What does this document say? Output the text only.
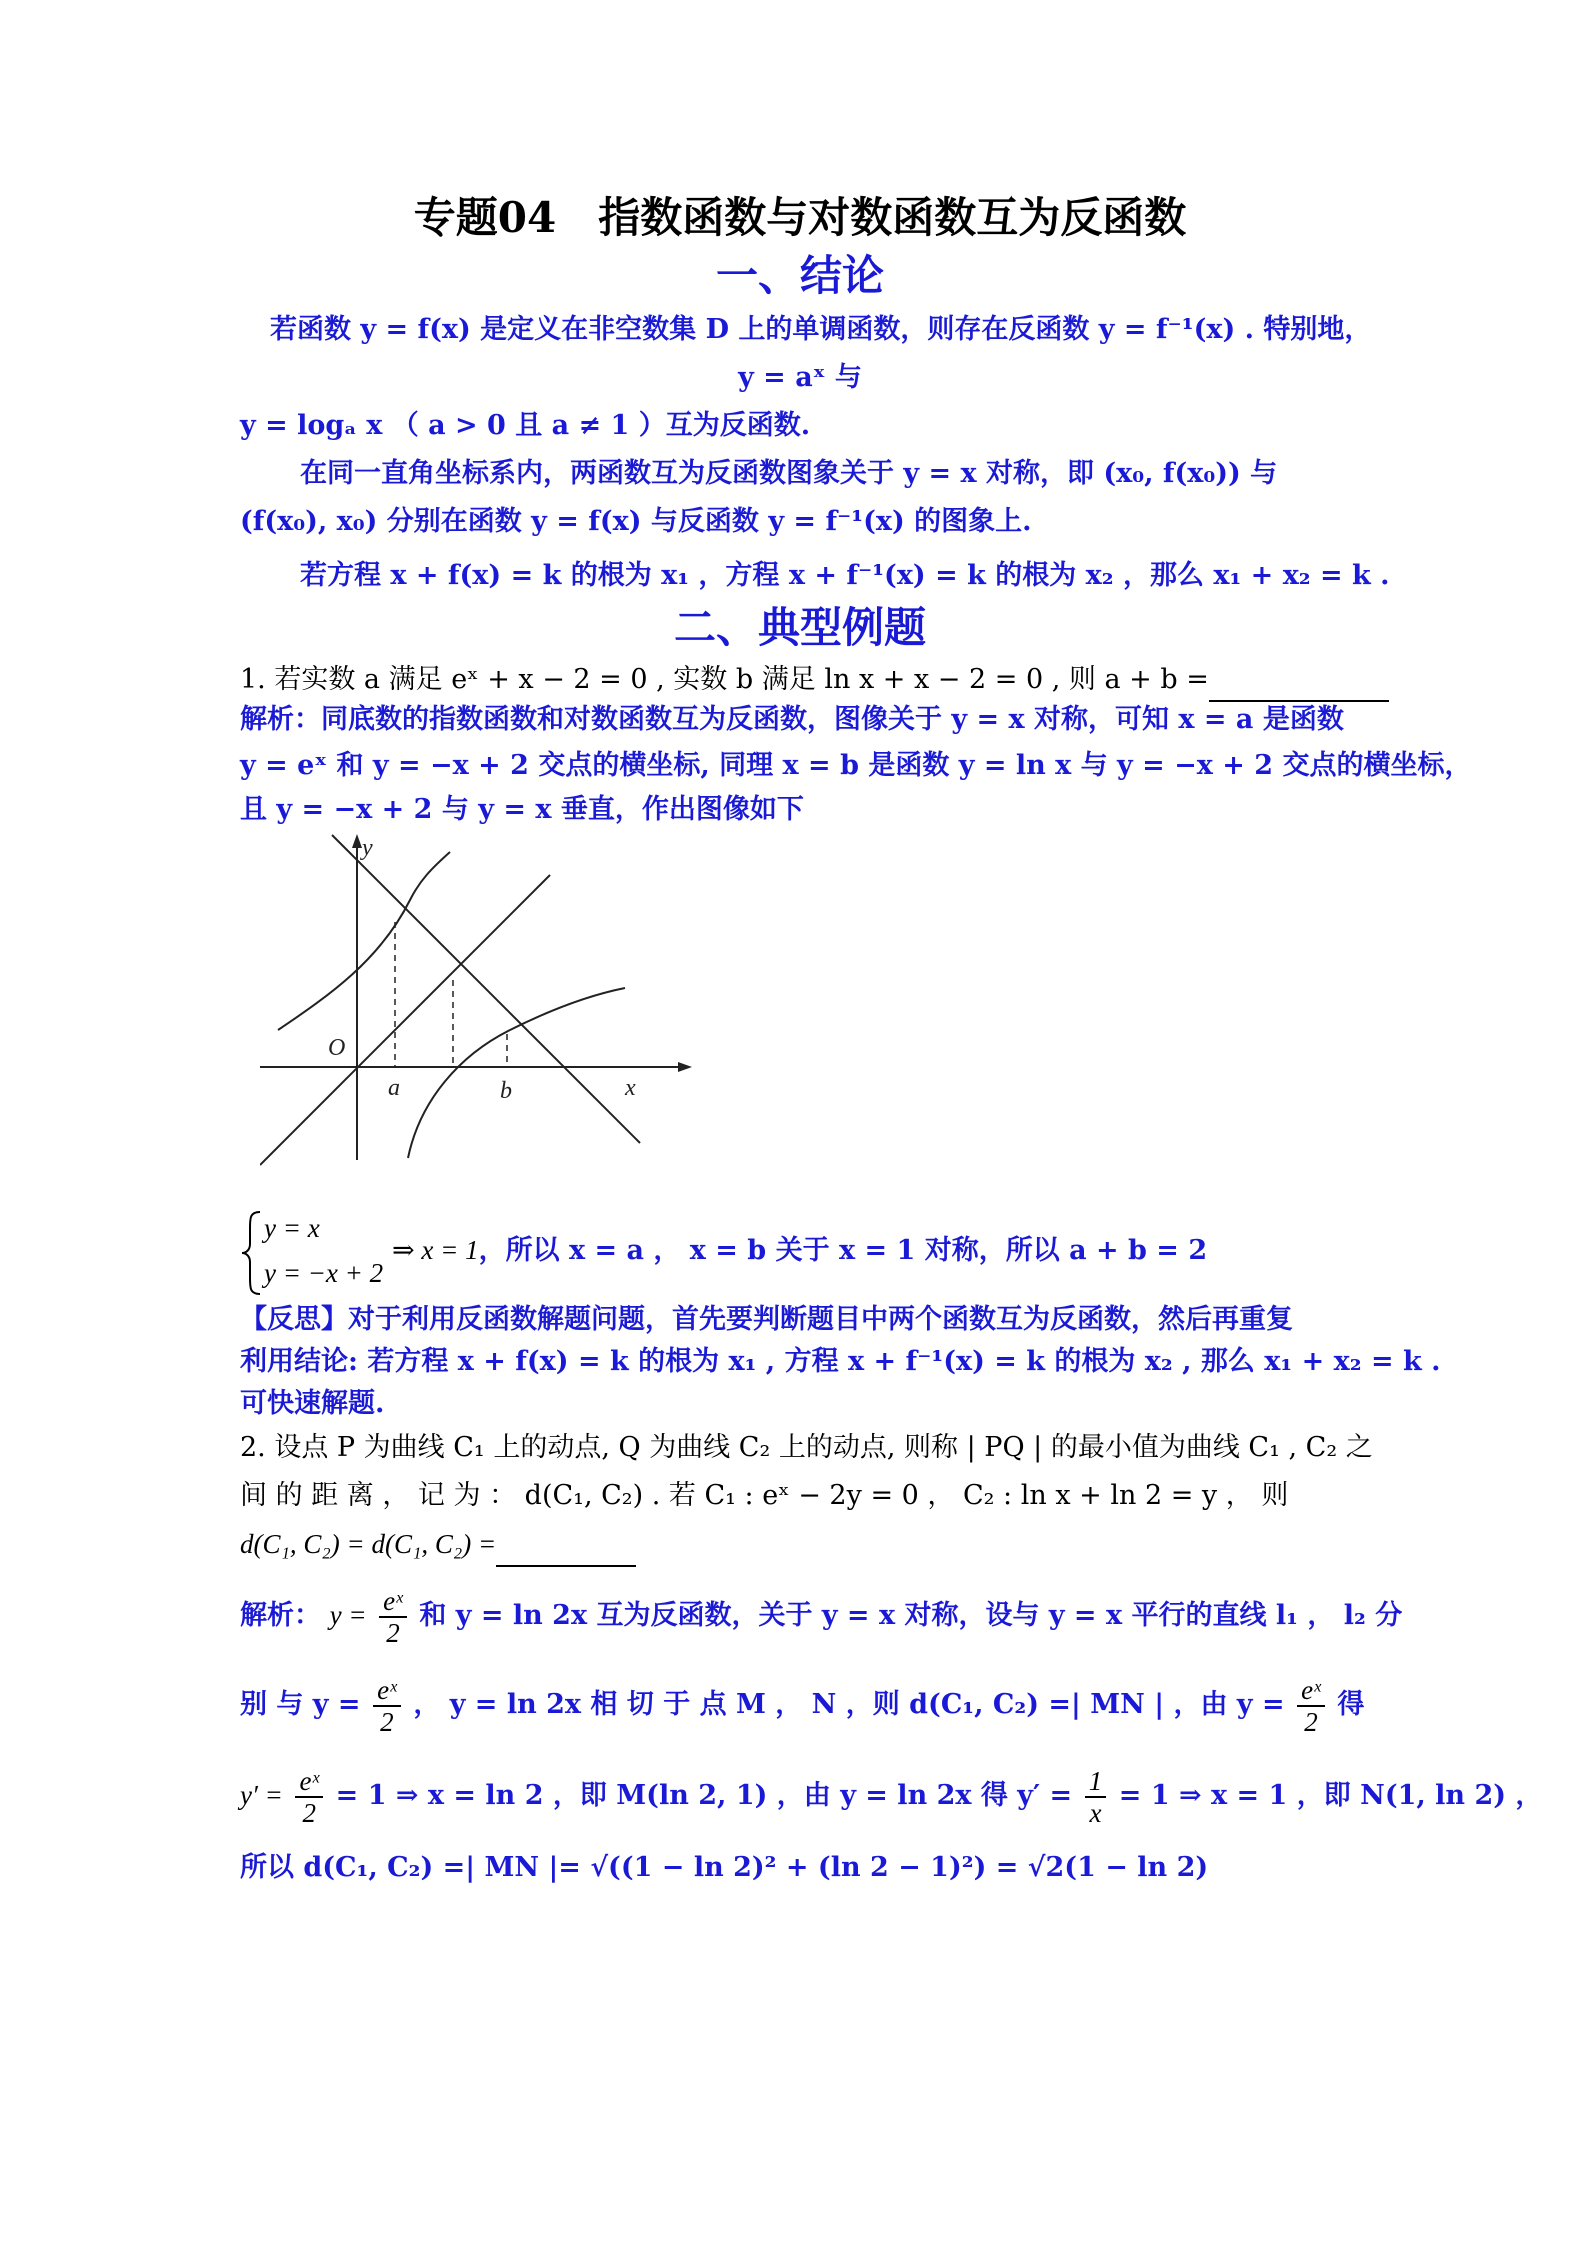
专题04　指数函数与对数函数互为反函数
一、结论
若函数 y = f(x) 是定义在非空数集 D 上的单调函数，则存在反函数 y = f⁻¹(x) . 特别地，
y = aˣ 与
y = logₐ x （ a > 0 且 a ≠ 1 ）互为反函数.
在同一直角坐标系内，两函数互为反函数图象关于 y = x 对称，即 (x₀, f(x₀)) 与
(f(x₀), x₀) 分别在函数 y = f(x) 与反函数 y = f⁻¹(x) 的图象上.
若方程 x + f(x) = k 的根为 x₁ ，方程 x + f⁻¹(x) = k 的根为 x₂ ，那么 x₁ + x₂ = k .
二、典型例题
1. 若实数 a 满足 eˣ + x − 2 = 0 , 实数 b 满足 ln x + x − 2 = 0 , 则 a + b =
解析：同底数的指数函数和对数函数互为反函数，图像关于 y = x 对称，可知 x = a 是函数
y = eˣ 和 y = −x + 2 交点的横坐标, 同理 x = b 是函数 y = ln x 与 y = −x + 2 交点的横坐标，
且 y = −x + 2 与 y = x 垂直，作出图像如下
y
x
O
a	b
y = x
y = −x + 2
⇒ x = 1，所以 x = a ， x = b 关于 x = 1 对称，所以 a + b = 2
【反思】对于利用反函数解题问题，首先要判断题目中两个函数互为反函数，然后再重复
利用结论: 若方程 x + f(x) = k 的根为 x₁ , 方程 x + f⁻¹(x) = k 的根为 x₂ , 那么 x₁ + x₂ = k .
可快速解题.
2. 设点 P 为曲线 C₁ 上的动点, Q 为曲线 C₂ 上的动点, 则称 | PQ | 的最小值为曲线 C₁ , C₂ 之
间 的 距 离 ， 记 为 ： d(C₁, C₂) . 若 C₁ : eˣ − 2y = 0 ， C₂ : ln x + ln 2 = y ， 则
d(C₁, C₂) = d(C₁, C₂) =
解析： $y = \frac{\text{eˣ}}{2}$ 和 y = ln 2x 互为反函数，关于 y = x 对称，设与 y = x 平行的直线 l₁ ， l₂ 分
别 与 $y = \frac{\text{eˣ}}{2}$ ， y = ln 2x 相 切 于 点 M ， N ，则 d(C₁, C₂) =| MN | ，由 $y = \frac{\text{eˣ}}{2}$ 得
$y' = \frac{\text{eˣ}}{2} = 1$ ⇒ x = ln 2 ，即 M(ln 2, 1) ，由 y = ln 2x 得 $y' = \frac{1}{x} = 1$ ⇒ x = 1 ，即 N(1, ln 2) ，
所以 d(C₁, C₂) =| MN |= √((1 − ln 2)² + (ln 2 − 1)²) = √2(1 − ln 2)
